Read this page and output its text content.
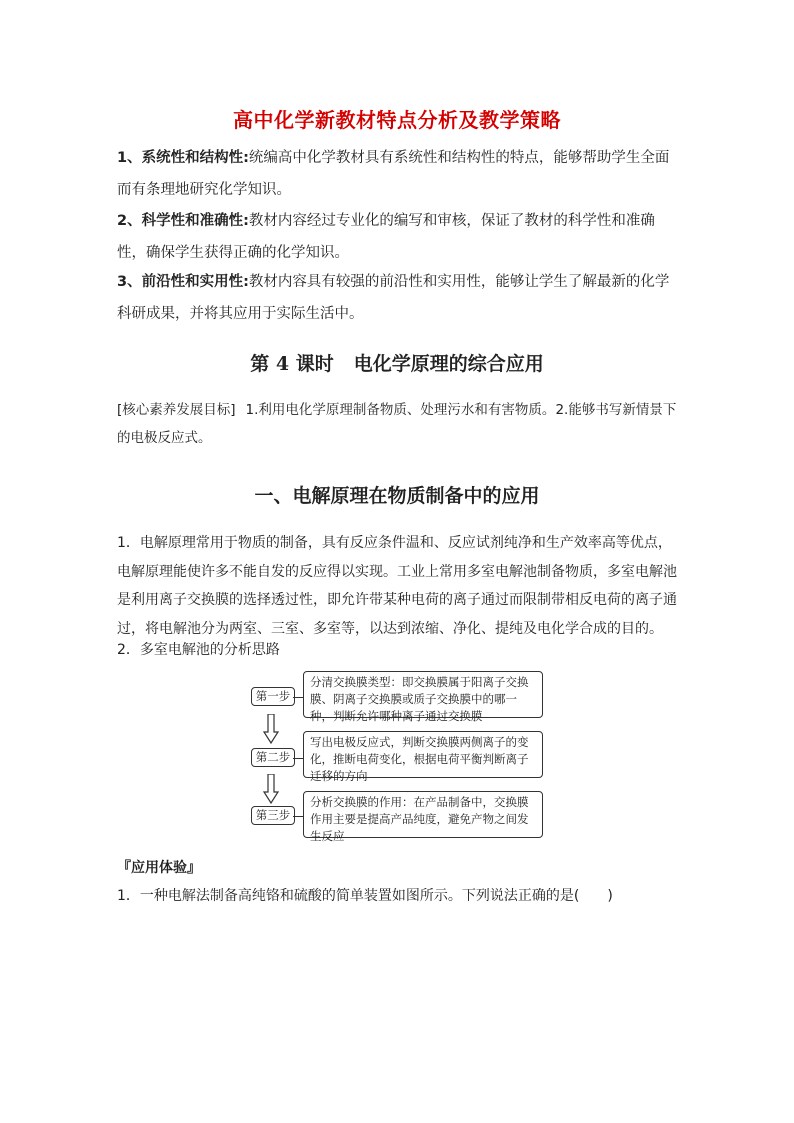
高中化学新教材特点分析及教学策略
1、系统性和结构性:统编高中化学教材具有系统性和结构性的特点，能够帮助学生全面而有条理地研究化学知识。
2、科学性和准确性:教材内容经过专业化的编写和审核，保证了教材的科学性和准确性，确保学生获得正确的化学知识。
3、前沿性和实用性:教材内容具有较强的前沿性和实用性，能够让学生了解最新的化学科研成果，并将其应用于实际生活中。
第 4 课时 电化学原理的综合应用
[核心素养发展目标] 1.利用电化学原理制备物质、处理污水和有害物质。2.能够书写新情景下的电极反应式。
一、电解原理在物质制备中的应用
1．电解原理常用于物质的制备，具有反应条件温和、反应试剂纯净和生产效率高等优点，电解原理能使许多不能自发的反应得以实现。工业上常用多室电解池制备物质，多室电解池是利用离子交换膜的选择透过性，即允许带某种电荷的离子通过而限制带相反电荷的离子通过，将电解池分为两室、三室、多室等，以达到浓缩、净化、提纯及电化学合成的目的。
2．多室电解池的分析思路
第一步
分清交换膜类型：即交换膜属于阳离子交换膜、阴离子交换膜或质子交换膜中的哪一种，判断允许哪种离子通过交换膜
第二步
写出电极反应式，判断交换膜两侧离子的变化，推断电荷变化，根据电荷平衡判断离子迁移的方向
第三步
分析交换膜的作用：在产品制备中，交换膜作用主要是提高产品纯度，避免产物之间发生反应
『应用体验』
1．一种电解法制备高纯铬和硫酸的简单装置如图所示。下列说法正确的是(　　)
